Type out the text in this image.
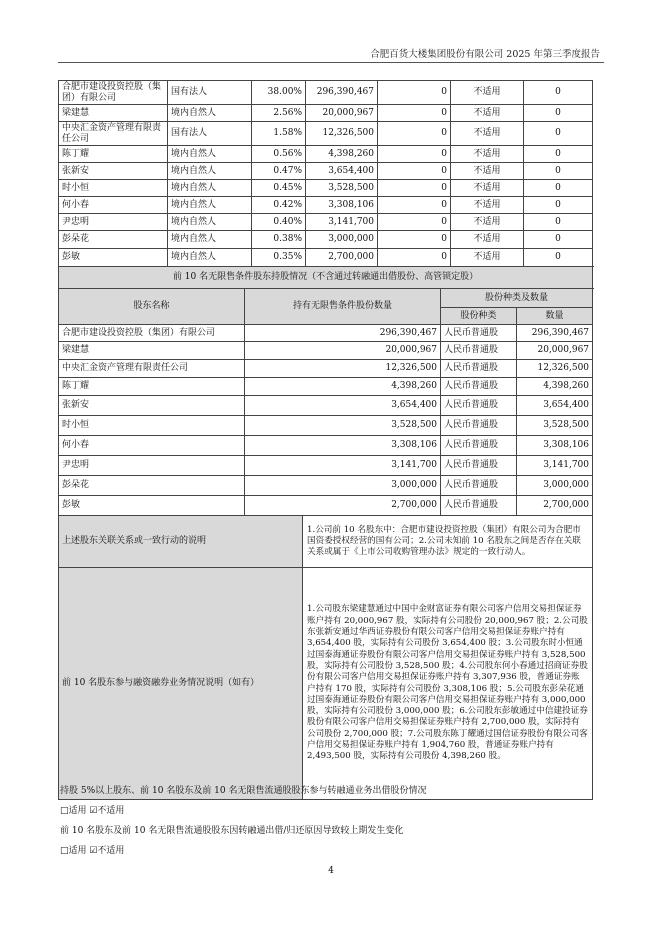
合肥百货大楼集团股份有限公司 2025 年第三季度报告
合肥市建设投资控股（集团）有限公司	国有法人	38.00%	296,390,467	0	不适用	0
梁建慧	境内自然人	2.56%	20,000,967	0	不适用	0
中央汇金资产管理有限责任公司	国有法人	1.58%	12,326,500	0	不适用	0
陈丁耀	境内自然人	0.56%	4,398,260	0	不适用	0
张新安	境内自然人	0.47%	3,654,400	0	不适用	0
时小恒	境内自然人	0.45%	3,528,500	0	不适用	0
何小春	境内自然人	0.42%	3,308,106	0	不适用	0
尹忠明	境内自然人	0.40%	3,141,700	0	不适用	0
彭朵花	境内自然人	0.38%	3,000,000	0	不适用	0
彭敏	境内自然人	0.35%	2,700,000	0	不适用	0
前 10 名无限售条件股东持股情况（不含通过转融通出借股份、高管锁定股）
股东名称	持有无限售条件股份数量	股份种类及数量	
		股份种类	数量
合肥市建设投资控股（集团）有限公司	296,390,467	人民币普通股	296,390,467
梁建慧	20,000,967	人民币普通股	20,000,967
中央汇金资产管理有限责任公司	12,326,500	人民币普通股	12,326,500
陈丁耀	4,398,260	人民币普通股	4,398,260
张新安	3,654,400	人民币普通股	3,654,400
时小恒	3,528,500	人民币普通股	3,528,500
何小春	3,308,106	人民币普通股	3,308,106
尹忠明	3,141,700	人民币普通股	3,141,700
彭朵花	3,000,000	人民币普通股	3,000,000
彭敏	2,700,000	人民币普通股	2,700,000
上述股东关联关系或一致行动的说明	1.公司前 10 名股东中：合肥市建设投资控股（集团）有限公司为合肥市国资委授权经营的国有公司；2.公司未知前 10 名股东之间是否存在关联关系或属于《上市公司收购管理办法》规定的一致行动人。
前 10 名股东参与融资融券业务情况说明（如有）	1.公司股东梁建慧通过中国中金财富证券有限公司客户信用交易担保证券账户持有 20,000,967 股，实际持有公司股份 20,000,967 股；2.公司股东张新安通过华西证券股份有限公司客户信用交易担保证券账户持有 3,654,400 股，实际持有公司股份 3,654,400 股；3.公司股东时小恒通过国泰海通证券股份有限公司客户信用交易担保证券账户持有 3,528,500 股，实际持有公司股份 3,528,500 股；4.公司股东何小春通过招商证券股份有限公司客户信用交易担保证券账户持有 3,307,936 股，普通证券账户持有 170 股，实际持有公司股份 3,308,106 股；5.公司股东彭朵花通过国泰海通证券股份有限公司客户信用交易担保证券账户持有 3,000,000 股，实际持有公司股份 3,000,000 股；6.公司股东彭敏通过中信建投证券股份有限公司客户信用交易担保证券账户持有 2,700,000 股，实际持有公司股份 2,700,000 股；7.公司股东陈丁耀通过国信证券股份有限公司客户信用交易担保证券账户持有 1,904,760 股，普通证券账户持有 2,493,500 股，实际持有公司股份 4,398,260 股。
持股 5%以上股东、前 10 名股东及前 10 名无限售流通股股东参与转融通业务出借股份情况
□适用 ☑不适用
前 10 名股东及前 10 名无限售流通股股东因转融通出借/归还原因导致较上期发生变化
□适用 ☑不适用
4
